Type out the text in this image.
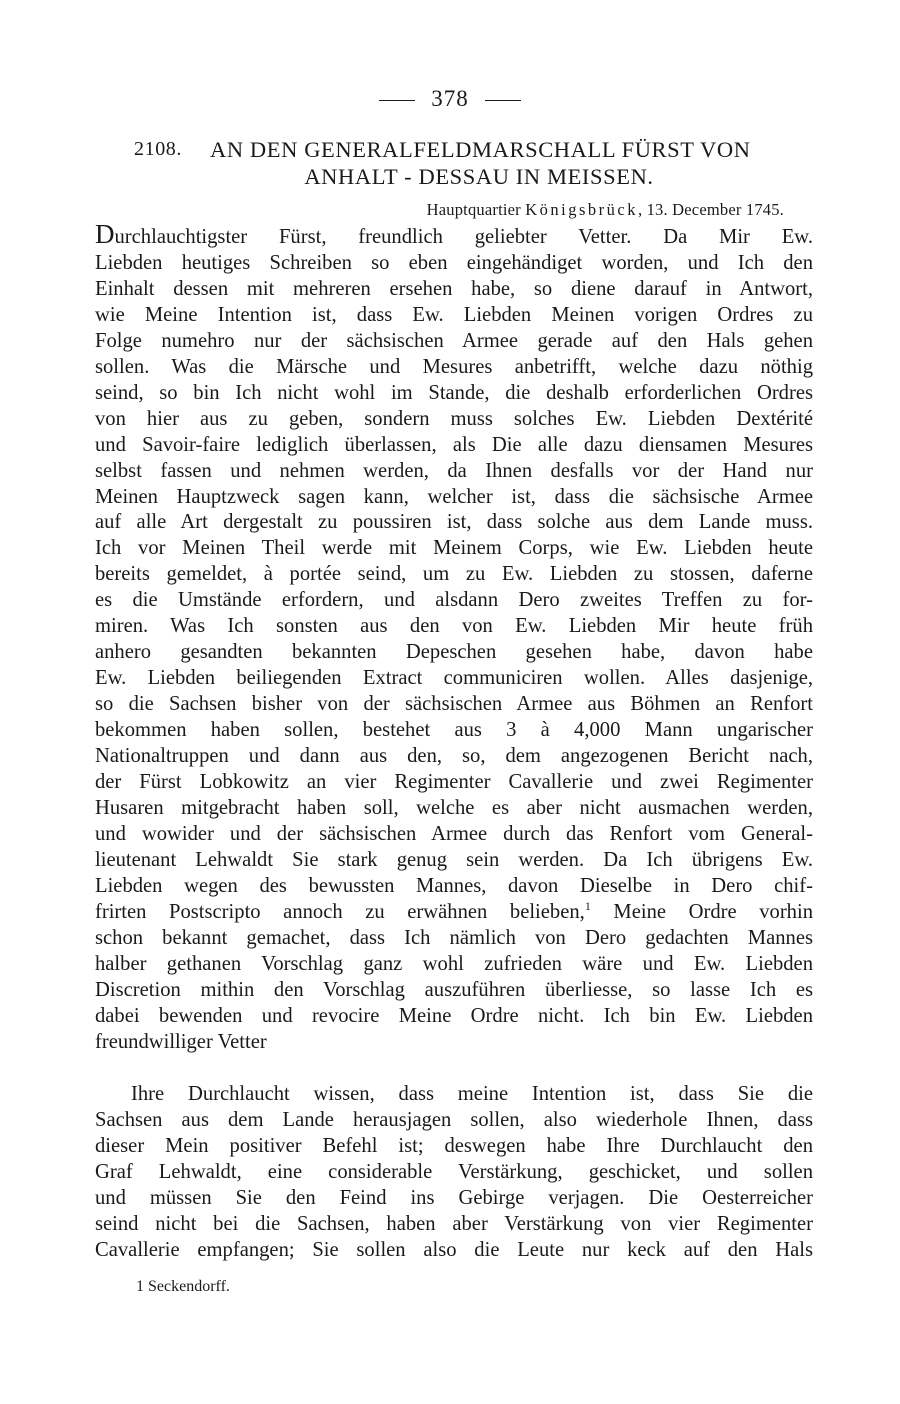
378
2108.	AN DEN GENERALFELDMARSCHALL FÜRST VON
ANHALT - DESSAU IN MEISSEN.
Hauptquartier Königsbrück, 13. December 1745.
Durchlauchtigster Fürst, freundlich geliebter Vetter. Da Mir Ew.
Liebden heutiges Schreiben so eben eingehändiget worden, und Ich den
Einhalt dessen mit mehreren ersehen habe, so diene darauf in Antwort,
wie Meine Intention ist, dass Ew. Liebden Meinen vorigen Ordres zu
Folge numehro nur der sächsischen Armee gerade auf den Hals gehen
sollen. Was die Märsche und Mesures anbetrifft, welche dazu nöthig
seind, so bin Ich nicht wohl im Stande, die deshalb erforderlichen Ordres
von hier aus zu geben, sondern muss solches Ew. Liebden Dextérité
und Savoir-faire lediglich überlassen, als Die alle dazu diensamen Mesures
selbst fassen und nehmen werden, da Ihnen desfalls vor der Hand nur
Meinen Hauptzweck sagen kann, welcher ist, dass die sächsische Armee
auf alle Art dergestalt zu poussiren ist, dass solche aus dem Lande muss.
Ich vor Meinen Theil werde mit Meinem Corps, wie Ew. Liebden heute
bereits gemeldet, à portée seind, um zu Ew. Liebden zu stossen, daferne
es die Umstände erfordern, und alsdann Dero zweites Treffen zu for-
miren. Was Ich sonsten aus den von Ew. Liebden Mir heute früh
anhero gesandten bekannten Depeschen gesehen habe, davon habe
Ew. Liebden beiliegenden Extract communiciren wollen. Alles dasjenige,
so die Sachsen bisher von der sächsischen Armee aus Böhmen an Renfort
bekommen haben sollen, bestehet aus 3 à 4,000 Mann ungarischer
Nationaltruppen und dann aus den, so, dem angezogenen Bericht nach,
der Fürst Lobkowitz an vier Regimenter Cavallerie und zwei Regimenter
Husaren mitgebracht haben soll, welche es aber nicht ausmachen werden,
und wowider und der sächsischen Armee durch das Renfort vom General-
lieutenant Lehwaldt Sie stark genug sein werden. Da Ich übrigens Ew.
Liebden wegen des bewussten Mannes, davon Dieselbe in Dero chif-
frirten Postscripto annoch zu erwähnen belieben,$^1$ Meine Ordre vorhin
schon bekannt gemachet, dass Ich nämlich von Dero gedachten Mannes
halber gethanen Vorschlag ganz wohl zufrieden wäre und Ew. Liebden
Discretion mithin den Vorschlag auszuführen überliesse, so lasse Ich es
dabei bewenden und revocire Meine Ordre nicht. Ich bin Ew. Liebden
freundwilliger Vetter
Ihre Durchlaucht wissen, dass meine Intention ist, dass Sie die
Sachsen aus dem Lande herausjagen sollen, also wiederhole Ihnen, dass
dieser Mein positiver Befehl ist; deswegen habe Ihre Durchlaucht den
Graf Lehwaldt, eine considerable Verstärkung, geschicket, und sollen
und müssen Sie den Feind ins Gebirge verjagen. Die Oesterreicher
seind nicht bei die Sachsen, haben aber Verstärkung von vier Regimenter
Cavallerie empfangen; Sie sollen also die Leute nur keck auf den Hals
1 Seckendorff.
